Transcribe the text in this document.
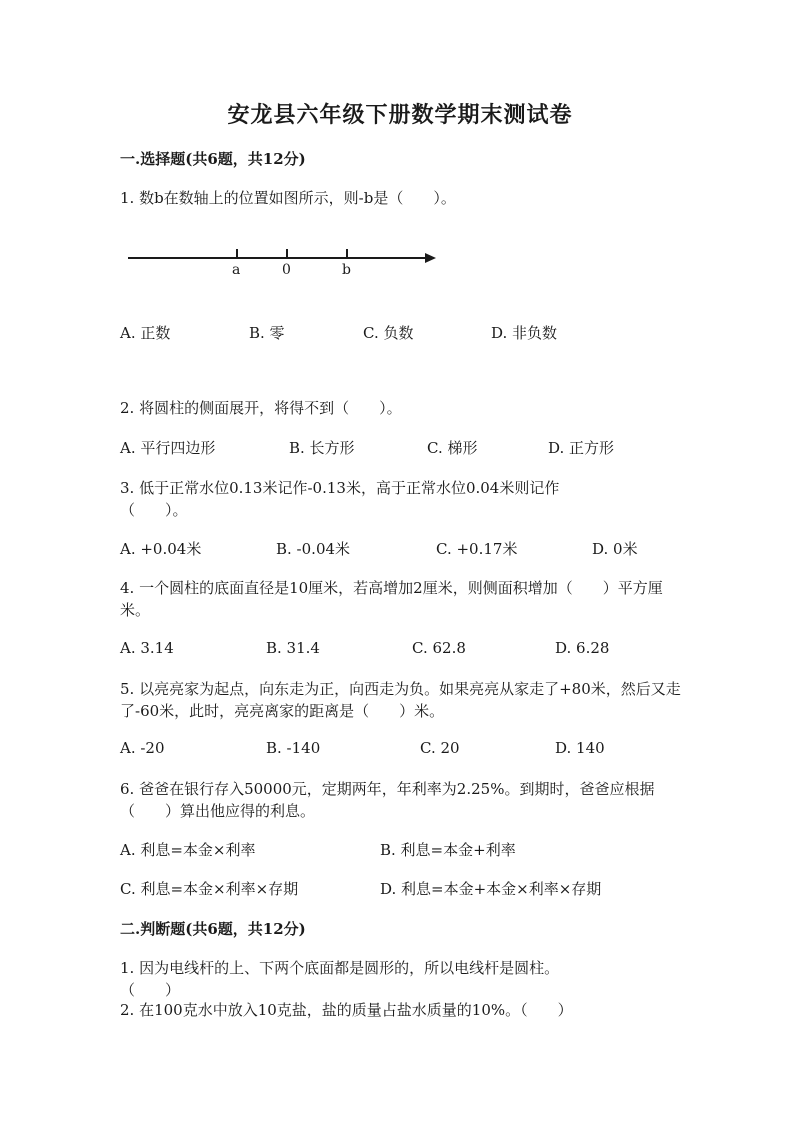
安龙县六年级下册数学期末测试卷
一.选择题(共6题，共12分)
1. 数b在数轴上的位置如图所示，则-b是（　　）。
a	0	b
A. 正数	B. 零	C. 负数	D. 非负数
2. 将圆柱的侧面展开，将得不到（　　）。
A. 平行四边形	B. 长方形	C. 梯形	D. 正方形
3. 低于正常水位0.13米记作-0.13米，高于正常水位0.04米则记作（　　）。
A. +0.04米	B. -0.04米	C. +0.17米	D. 0米
4. 一个圆柱的底面直径是10厘米，若高增加2厘米，则侧面积增加（　　）平方厘米。
A. 3.14	B. 31.4	C. 62.8	D. 6.28
5. 以亮亮家为起点，向东走为正，向西走为负。如果亮亮从家走了+80米，然后又走了-60米，此时，亮亮离家的距离是（　　）米。
A. -20	B. -140	C. 20	D. 140
6. 爸爸在银行存入50000元，定期两年，年利率为2.25%。到期时，爸爸应根据（　　）算出他应得的利息。
A. 利息=本金×利率	B. 利息=本金+利率
C. 利息=本金×利率×存期	D. 利息=本金+本金×利率×存期
二.判断题(共6题，共12分)
1. 因为电线杆的上、下两个底面都是圆形的，所以电线杆是圆柱。（　　）
2. 在100克水中放入10克盐，盐的质量占盐水质量的10%。（　　）
